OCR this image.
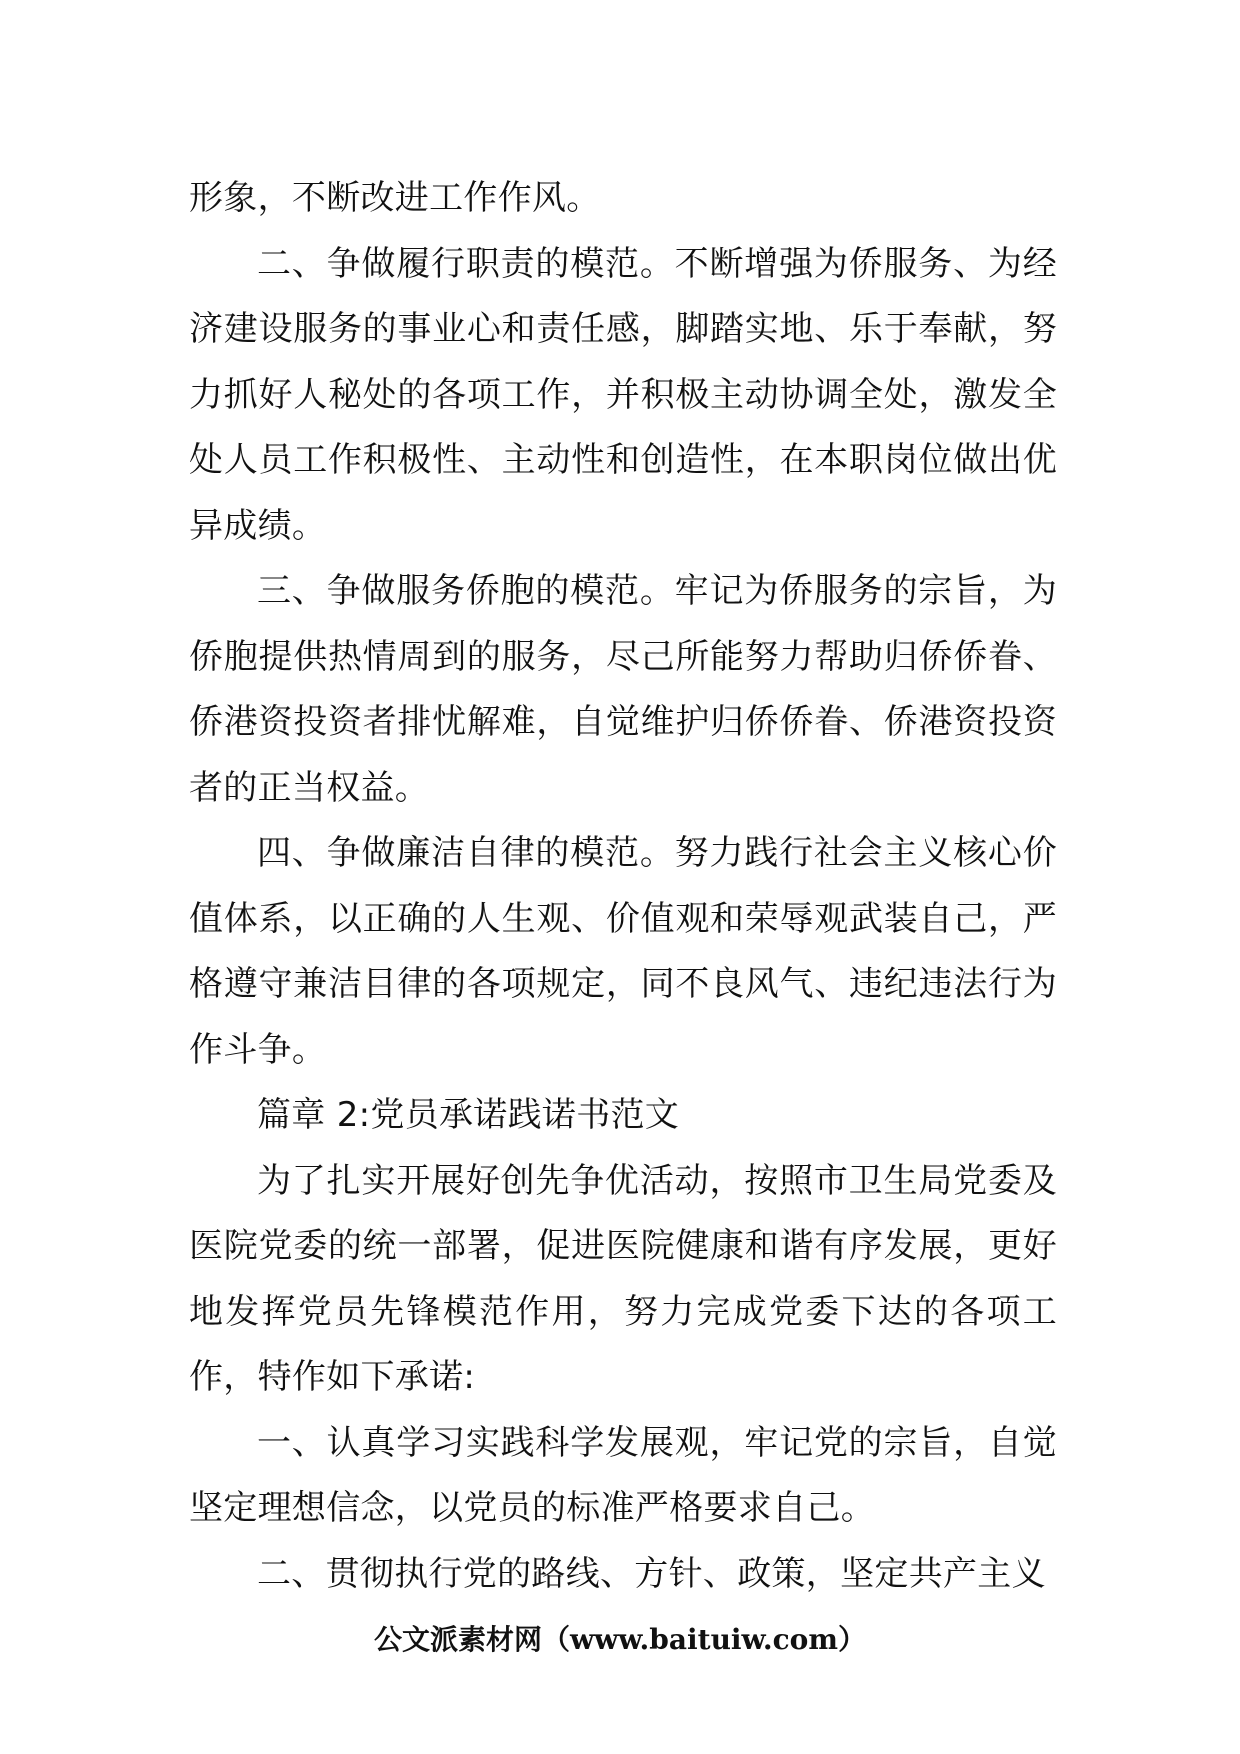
形象，不断改进工作作风。

二、争做履行职责的模范。不断增强为侨服务、为经济建设服务的事业心和责任感，脚踏实地、乐于奉献，努力抓好人秘处的各项工作，并积极主动协调全处，激发全处人员工作积极性、主动性和创造性，在本职岗位做出优异成绩。

三、争做服务侨胞的模范。牢记为侨服务的宗旨，为侨胞提供热情周到的服务，尽己所能努力帮助归侨侨眷、侨港资投资者排忧解难，自觉维护归侨侨眷、侨港资投资者的正当权益。

四、争做廉洁自律的模范。努力践行社会主义核心价值体系，以正确的人生观、价值观和荣辱观武装自己，严格遵守兼洁目律的各项规定，同不良风气、违纪违法行为作斗争。

篇章 2:党员承诺践诺书范文

为了扎实开展好创先争优活动，按照市卫生局党委及医院党委的统一部署，促进医院健康和谐有序发展，更好地发挥党员先锋模范作用，努力完成党委下达的各项工作，特作如下承诺:

一、认真学习实践科学发展观，牢记党的宗旨，自觉坚定理想信念，以党员的标准严格要求自己。

二、贯彻执行党的路线、方针、政策，坚定共产主义

公文派素材网（www.baituiw.com）
